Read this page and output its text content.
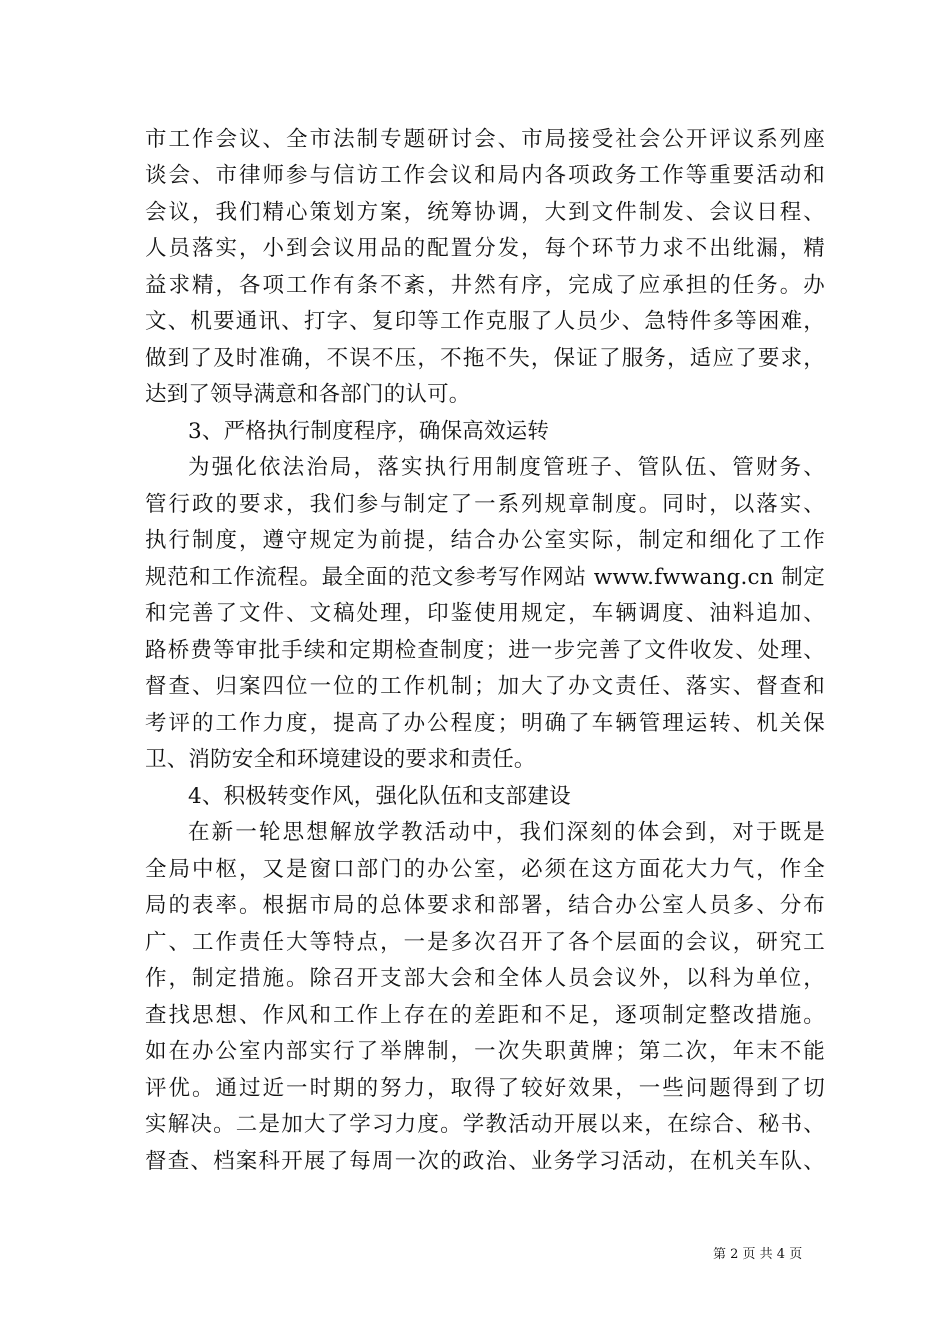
市工作会议、全市法制专题研讨会、市局接受社会公开评议系列座
谈会、市律师参与信访工作会议和局内各项政务工作等重要活动和
会议，我们精心策划方案，统筹协调，大到文件制发、会议日程、
人员落实，小到会议用品的配置分发，每个环节力求不出纰漏，精
益求精，各项工作有条不紊，井然有序，完成了应承担的任务。办
文、机要通讯、打字、复印等工作克服了人员少、急特件多等困难，
做到了及时准确，不误不压，不拖不失，保证了服务，适应了要求，
达到了领导满意和各部门的认可。
3、严格执行制度程序，确保高效运转
为强化依法治局，落实执行用制度管班子、管队伍、管财务、
管行政的要求，我们参与制定了一系列规章制度。同时，以落实、
执行制度，遵守规定为前提，结合办公室实际，制定和细化了工作
规范和工作流程。最全面的范文参考写作网站 www.fwwang.cn 制定
和完善了文件、文稿处理，印鉴使用规定，车辆调度、油料追加、
路桥费等审批手续和定期检查制度；进一步完善了文件收发、处理、
督查、归案四位一位的工作机制；加大了办文责任、落实、督查和
考评的工作力度，提高了办公程度；明确了车辆管理运转、机关保
卫、消防安全和环境建设的要求和责任。
4、积极转变作风，强化队伍和支部建设
在新一轮思想解放学教活动中，我们深刻的体会到，对于既是
全局中枢，又是窗口部门的办公室，必须在这方面花大力气，作全
局的表率。根据市局的总体要求和部署，结合办公室人员多、分布
广、工作责任大等特点，一是多次召开了各个层面的会议，研究工
作，制定措施。除召开支部大会和全体人员会议外，以科为单位，
查找思想、作风和工作上存在的差距和不足，逐项制定整改措施。
如在办公室内部实行了举牌制，一次失职黄牌；第二次，年末不能
评优。通过近一时期的努力，取得了较好效果，一些问题得到了切
实解决。二是加大了学习力度。学教活动开展以来，在综合、秘书、
督查、档案科开展了每周一次的政治、业务学习活动，在机关车队、
第 2 页 共 4 页
